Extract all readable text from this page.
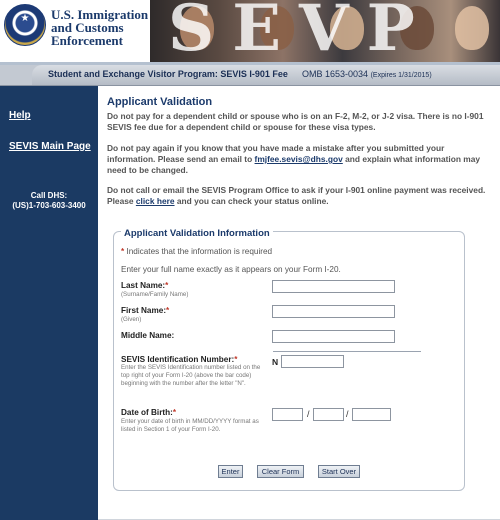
★ U.S. Immigration
and Customs
Enforcement SEVP
Student and Exchange Visitor Program: SEVIS I-901 Fee OMB 1653-0034 (Expires 1/31/2015)
Help
SEVIS Main Page
Call DHS:
(US)1-703-603-3400
Applicant Validation
Do not pay for a dependent child or spouse who is on an F-2, M-2, or J-2 visa. There is no I-901 SEVIS fee due for a dependent child or spouse for these visa types.
Do not pay again if you know that you have made a mistake after you submitted your information. Please send an email to fmjfee.sevis@dhs.gov and explain what information may need to be changed.
Do not call or email the SEVIS Program Office to ask if your I-901 online payment was received. Please click here and you can check your status online.
Applicant Validation Information
* Indicates that the information is required
Enter your full name exactly as it appears on your Form I-20.
Last Name:*
(Surname/Family Name)
First Name:*
(Given)
Middle Name:
SEVIS Identification Number:*
Enter the SEVIS Identification number listed on the top right of your Form I-20 (above the bar code) beginning with the number after the letter "N".
N
Date of Birth:*
Enter your date of birth in MM/DD/YYYY format as listed in Section 1 of your Form I-20.
/	/
Enter	Clear Form	Start Over
